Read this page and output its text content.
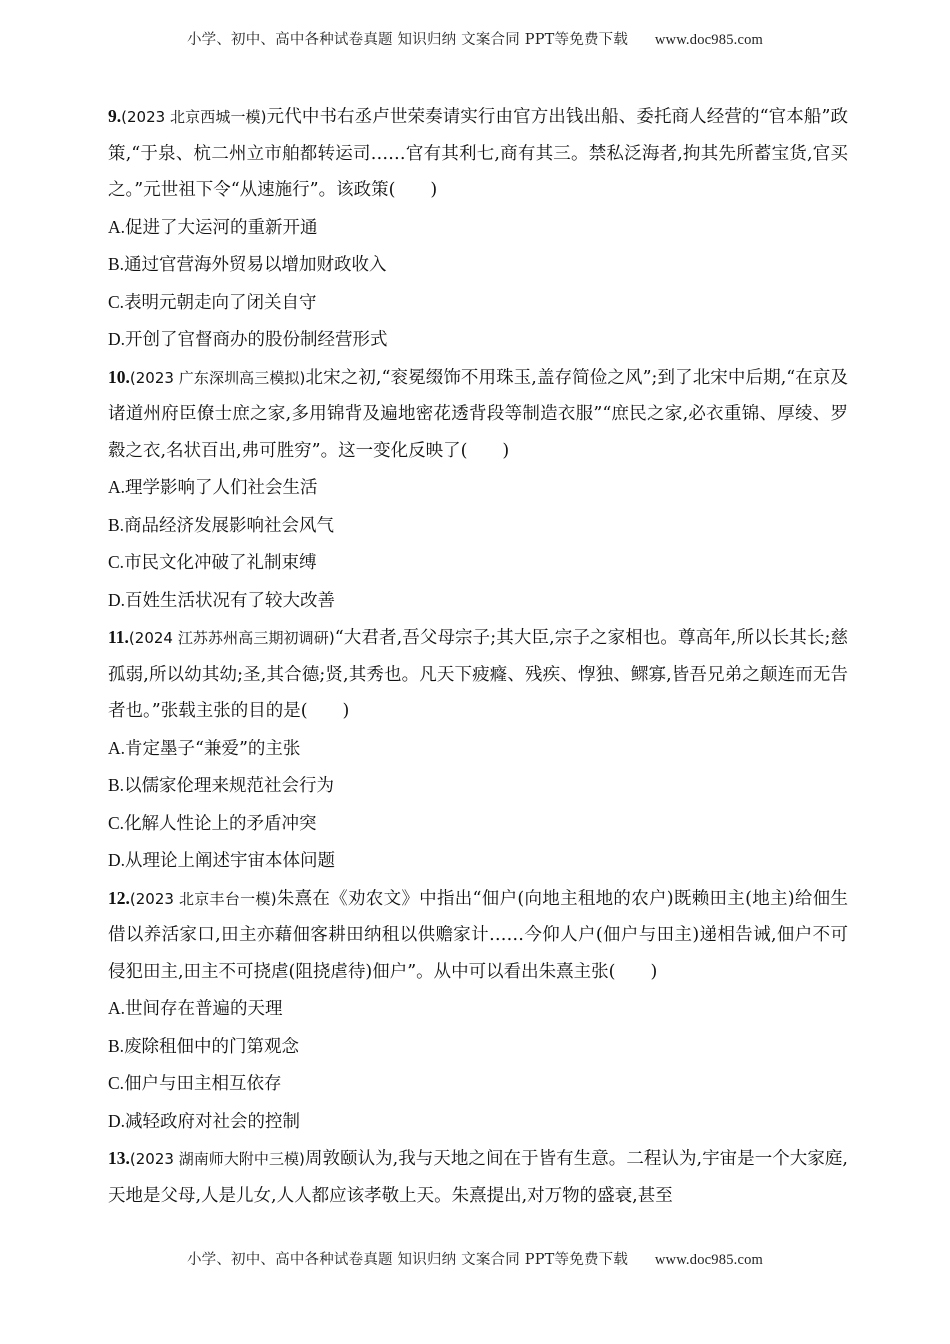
小学、初中、高中各种试卷真题 知识归纳 文案合同 PPT等免费下载 www.doc985.com

9.(2023 北京西城一模)元代中书右丞卢世荣奏请实行由官方出钱出船、委托商人经营的“官本船”政策,“于泉、杭二州立市舶都转运司……官有其利七,商有其三。禁私泛海者,拘其先所蓄宝货,官买之。”元世祖下令“从速施行”。该政策(　　)

A.促进了大运河的重新开通

B.通过官营海外贸易以增加财政收入

C.表明元朝走向了闭关自守

D.开创了官督商办的股份制经营形式

10.(2023 广东深圳高三模拟)北宋之初,“衮冕缀饰不用珠玉,盖存简俭之风”;到了北宋中后期,“在京及诸道州府臣僚士庶之家,多用锦背及遍地密花透背段等制造衣服”“庶民之家,必衣重锦、厚绫、罗縠之衣,名状百出,弗可胜穷”。这一变化反映了(　　)

A.理学影响了人们社会生活

B.商品经济发展影响社会风气

C.市民文化冲破了礼制束缚

D.百姓生活状况有了较大改善

11.(2024 江苏苏州高三期初调研)“大君者,吾父母宗子;其大臣,宗子之家相也。尊高年,所以长其长;慈孤弱,所以幼其幼;圣,其合德;贤,其秀也。凡天下疲癃、残疾、惸独、鳏寡,皆吾兄弟之颠连而无告者也。”张载主张的目的是(　　)

A.肯定墨子“兼爱”的主张

B.以儒家伦理来规范社会行为

C.化解人性论上的矛盾冲突

D.从理论上阐述宇宙本体问题

12.(2023 北京丰台一模)朱熹在《劝农文》中指出“佃户(向地主租地的农户)既赖田主(地主)给佃生借以养活家口,田主亦藉佃客耕田纳租以供赡家计……今仰人户(佃户与田主)递相告诫,佃户不可侵犯田主,田主不可挠虐(阻挠虐待)佃户”。从中可以看出朱熹主张(　　)

A.世间存在普遍的天理

B.废除租佃中的门第观念

C.佃户与田主相互依存

D.减轻政府对社会的控制

13.(2023 湖南师大附中三模)周敦颐认为,我与天地之间在于皆有生意。二程认为,宇宙是一个大家庭,天地是父母,人是儿女,人人都应该孝敬上天。朱熹提出,对万物的盛衰,甚至

小学、初中、高中各种试卷真题 知识归纳 文案合同 PPT等免费下载 www.doc985.com
